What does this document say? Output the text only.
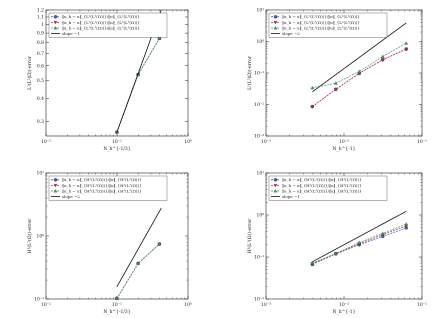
10⁻²	10⁻¹	10⁰
0.3
0.4
0.5
0.6
0.7
0.8
0.9
1
1.1
1.2
N_h^{-1/3}
L²(L²(Ω))-error
‖u_h − u‖_{L²(L²(Ω))}/‖u‖_{L²(L²(Ω))}
‖u_h − u‖_{L²(L²(Ω))}/‖u‖_{L²(L²(Ω))}
‖u_h − u‖_{L²(L²(Ω))}/‖u‖_{L²(L²(Ω))}
slope −1
10⁻³	10⁻²	10⁻¹
10⁻³
10⁻²
10⁻¹
10⁰
10¹
N_h^{-1}
L²(L²(Ω))-error
‖u_h − u‖_{L²(L²(Ω))}/‖u‖_{L²(L²(Ω))}
‖u_h − u‖_{L²(L²(Ω))}/‖u‖_{L²(L²(Ω))}
‖u_h − u‖_{L²(L²(Ω))}/‖u‖_{L²(L²(Ω))}
slope −2
10⁻²	10⁻¹	10⁰
10⁻¹
10⁰
10¹
N_h^{-1/3}
H¹(L²(Ω))-error
‖u_h − u‖_{H¹(L²(Ω))}/‖u‖_{H¹(L²(Ω))}
‖u_h − u‖_{H¹(L²(Ω))}/‖u‖_{H¹(L²(Ω))}
‖u_h − u‖_{H¹(L²(Ω))}/‖u‖_{H¹(L²(Ω))}
slope −2
10⁻³	10⁻²	10⁻¹
10⁻²
10⁻¹
10⁰
10¹
N_h^{-1}
H¹(L²(Ω))-error
‖u_h − u‖_{H¹(L²(Ω))}/‖u‖_{H¹(L²(Ω))}
‖u_h − u‖_{H¹(L²(Ω))}/‖u‖_{H¹(L²(Ω))}
‖u_h − u‖_{H¹(L²(Ω))}/‖u‖_{H¹(L²(Ω))}
slope −1
